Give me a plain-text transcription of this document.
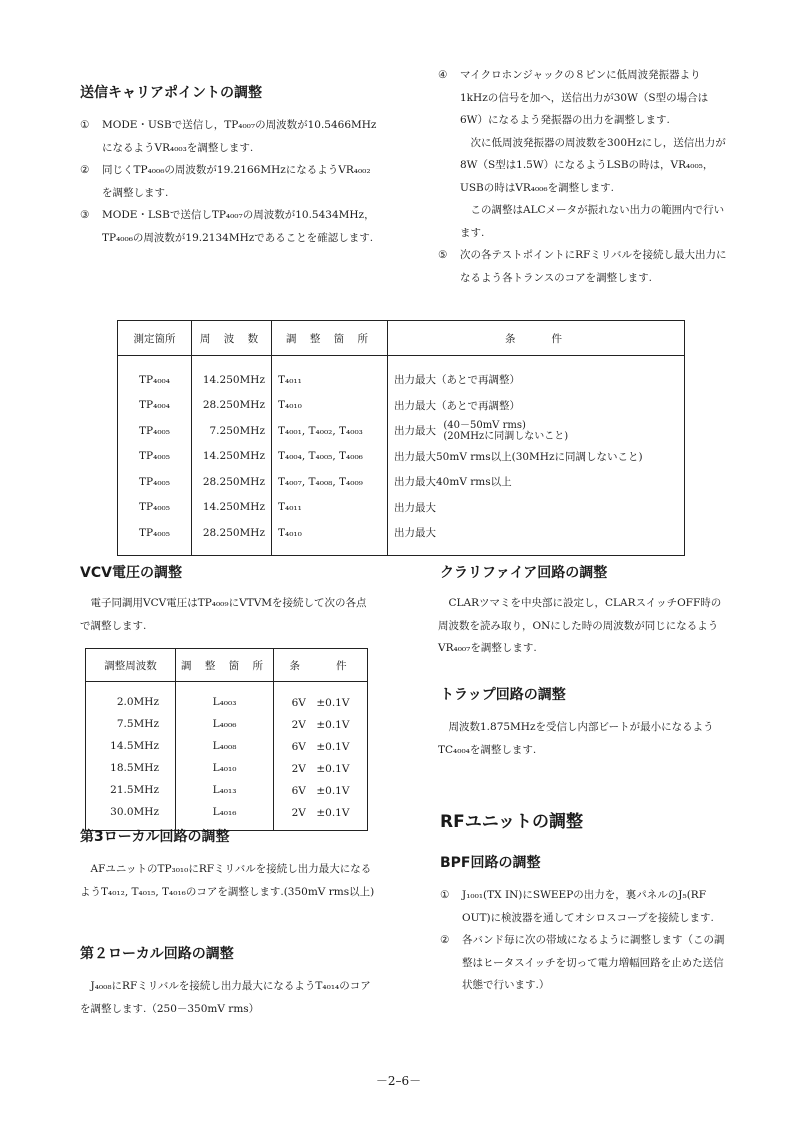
送信キャリアポイントの調整
①	MODE・USBで送信し，TP₄₀₀₇の周波数が10.5466MHzになるようVR₄₀₀₃を調整します.
②	同じくTP₄₀₀₆の周波数が19.2166MHzになるようVR₄₀₀₂を調整します.
③	MODE・LSBで送信しTP₄₀₀₇の周波数が10.5434MHz，TP₄₀₀₆の周波数が19.2134MHzであることを確認します.
④	マイクロホンジャックの８ピンに低周波発振器より1kHzの信号を加へ，送信出力が30W（S型の場合は6W）になるよう発振器の出力を調整します.
次に低周波発振器の周波数を300Hzにし，送信出力が8W（S型は1.5W）になるようLSBの時は，VR₄₀₀₅，USBの時はVR₄₀₀₆を調整します.
この調整はALCメータが振れない出力の範囲内で行います.
⑤	次の各テストポイントにRFミリバルを接続し最大出力になるよう各トランスのコアを調整します.
測定箇所	周 波 数	調 整 箇 所	条　　件
TP₄₀₀₄	14.250MHz	T₄₀₁₁	出力最大（あとで再調整）
TP₄₀₀₄	28.250MHz	T₄₀₁₀	出力最大（あとで再調整）
TP₄₀₀₅	7.250MHz	T₄₀₀₁, T₄₀₀₂, T₄₀₀₃	出力最大 (40－50mV rms)
(20MHzに同調しないこと)

TP₄₀₀₅	14.250MHz	T₄₀₀₄, T₄₀₀₅, T₄₀₀₆	出力最大50mV rms以上(30MHzに同調しないこと)
TP₄₀₀₅	28.250MHz	T₄₀₀₇, T₄₀₀₈, T₄₀₀₉	出力最大40mV rms以上
TP₄₀₀₅	14.250MHz	T₄₀₁₁	出力最大
TP₄₀₀₅	28.250MHz	T₄₀₁₀	出力最大
VCV電圧の調整
電子同調用VCV電圧はTP₄₀₀₉にVTVMを接続して次の各点で調整します.
調整周波数	調 整 箇 所	条　　件
2.0MHz	L₄₀₀₃	6V　±0.1V
7.5MHz	L₄₀₀₆	2V　±0.1V
14.5MHz	L₄₀₀₈	6V　±0.1V
18.5MHz	L₄₀₁₀	2V　±0.1V
21.5MHz	L₄₀₁₃	6V　±0.1V
30.0MHz	L₄₀₁₆	2V　±0.1V
第3ローカル回路の調整
AFユニットのTP₃₀₁₀にRFミリバルを接続し出力最大になるようT₄₀₁₂, T₄₀₁₅, T₄₀₁₆のコアを調整します.(350mV rms以上)
第２ローカル回路の調整
J₄₀₀₈にRFミリバルを接続し出力最大になるようT₄₀₁₄のコアを調整します.（250－350mV rms）
クラリファイア回路の調整
CLARツマミを中央部に設定し，CLARスイッチOFF時の周波数を読み取り，ONにした時の周波数が同じになるようVR₄₀₀₇を調整します.
トラップ回路の調整
周波数1.875MHzを受信し内部ビートが最小になるようTC₄₀₀₄を調整します.
RFユニットの調整
BPF回路の調整
①	J₁₀₀₁(TX IN)にSWEEPの出力を，裏パネルのJ₅(RF OUT)に検波器を通してオシロスコープを接続します.
②	各バンド毎に次の帯域になるように調整します（この調整はヒータスイッチを切って電力増幅回路を止めた送信状態で行います.）
－2–6－
